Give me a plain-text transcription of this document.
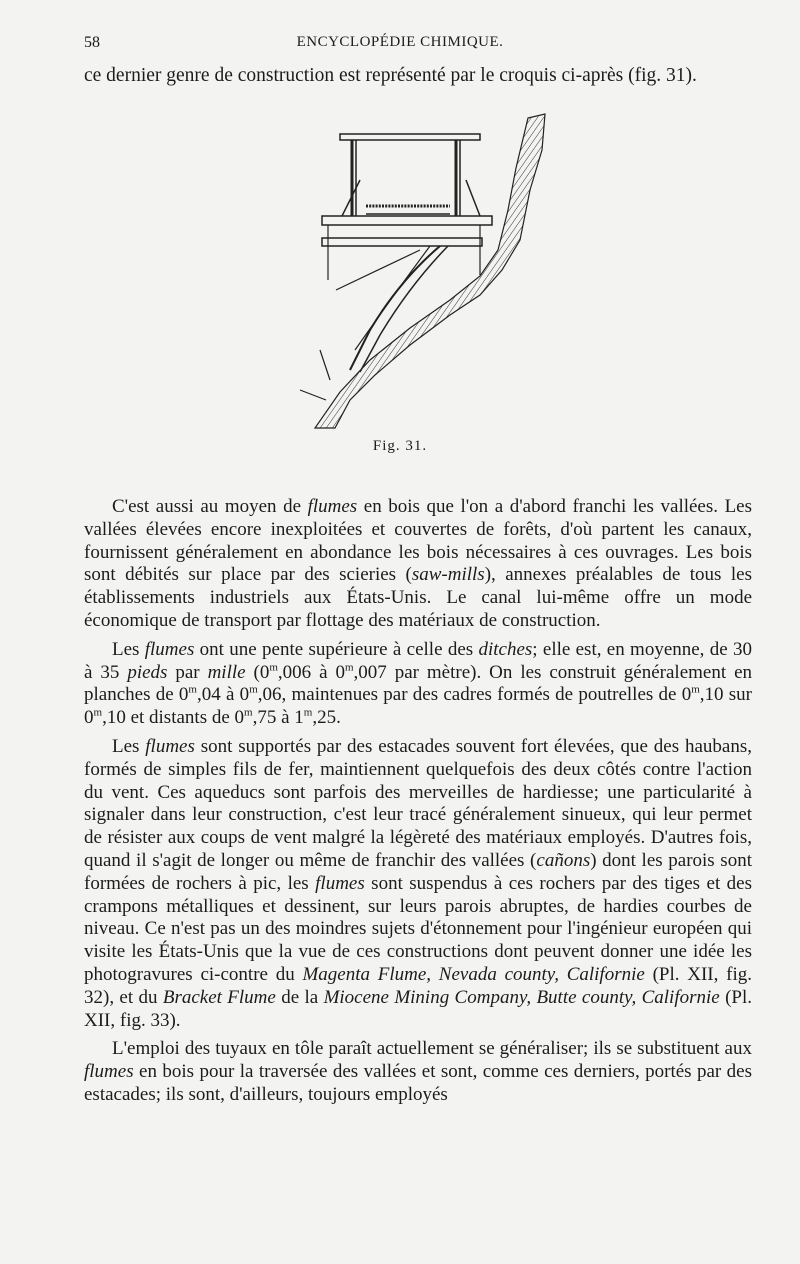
58	ENCYCLOPÉDIE CHIMIQUE.
ce dernier genre de construction est représenté par le croquis ci-après (fig. 31).
Fig. 31.

C'est aussi au moyen de flumes en bois que l'on a d'abord franchi les vallées. Les vallées élevées encore inexploitées et couvertes de forêts, d'où partent les canaux, fournissent généralement en abondance les bois nécessaires à ces ouvrages. Les bois sont débités sur place par des scieries (saw-mills), annexes préalables de tous les établissements industriels aux États-Unis. Le canal lui-même offre un mode économique de transport par flottage des matériaux de construction.

Les flumes ont une pente supérieure à celle des ditches; elle est, en moyenne, de 30 à 35 pieds par mille (0$^m$,006 à 0$^m$,007 par mètre). On les construit généralement en planches de 0$^m$,04 à 0$^m$,06, maintenues par des cadres formés de poutrelles de 0$^m$,10 sur 0$^m$,10 et distants de 0$^m$,75 à 1$^m$,25.

Les flumes sont supportés par des estacades souvent fort élevées, que des haubans, formés de simples fils de fer, maintiennent quelquefois des deux côtés contre l'action du vent. Ces aqueducs sont parfois des merveilles de hardiesse; une particularité à signaler dans leur construction, c'est leur tracé généralement sinueux, qui leur permet de résister aux coups de vent malgré la légèreté des matériaux employés. D'autres fois, quand il s'agit de longer ou même de franchir des vallées (cañons) dont les parois sont formées de rochers à pic, les flumes sont suspendus à ces rochers par des tiges et des crampons métalliques et dessinent, sur leurs parois abruptes, de hardies courbes de niveau. Ce n'est pas un des moindres sujets d'étonnement pour l'ingénieur européen qui visite les États-Unis que la vue de ces constructions dont peuvent donner une idée les photogravures ci-contre du Magenta Flume, Nevada county, Californie (Pl. XII, fig. 32), et du Bracket Flume de la Miocene Mining Company, Butte county, Californie (Pl. XII, fig. 33).

L'emploi des tuyaux en tôle paraît actuellement se généraliser; ils se substituent aux flumes en bois pour la traversée des vallées et sont, comme ces derniers, portés par des estacades; ils sont, d'ailleurs, toujours employés
